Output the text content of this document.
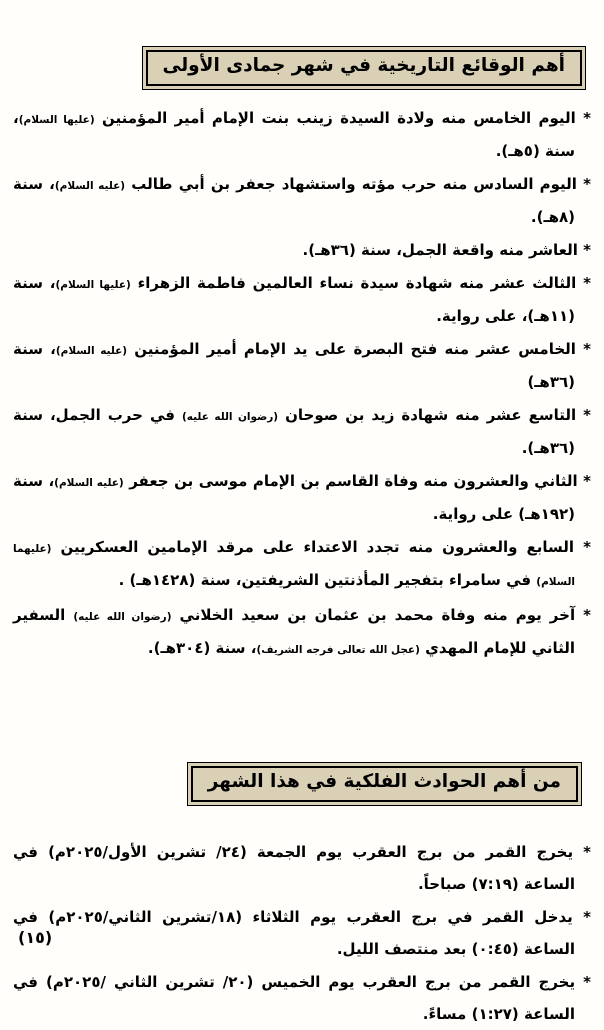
أهم الوقائع التاريخية في شهر جمادى الأولى

* اليوم الخامس منه ولادة السيدة زينب بنت الإمام أمير المؤمنين (عليها السلام)، سنة (٥هـ).

* اليوم السادس منه حرب مؤته واستشهاد جعفر بن أبي طالب (عليه السلام)، سنة (٨هـ).

* العاشر منه واقعة الجمل، سنة (٣٦هـ).

* الثالث عشر منه شهادة سيدة نساء العالمين فاطمة الزهراء (عليها السلام)، سنة (١١هـ)، على رواية.

* الخامس عشر منه فتح البصرة على يد الإمام أمير المؤمنين (عليه السلام)، سنة (٣٦هـ)

* التاسع عشر منه شهادة زيد بن صوحان (رضوان الله عليه) في حرب الجمل، سنة (٣٦هـ).

* الثاني والعشرون منه وفاة القاسم بن الإمام موسى بن جعفر (عليه السلام)، سنة (١٩٢هـ) على رواية.

* السابع والعشرون منه تجدد الاعتداء على مرقد الإمامين العسكريين (عليهما السلام) في سامراء بتفجير المأذنتين الشريفتين، سنة (١٤٢٨هـ) .

* آخر يوم منه وفاة محمد بن عثمان بن سعيد الخلاني (رضوان الله عليه) السفير الثاني للإمام المهدي (عجل الله تعالى فرجه الشريف)، سنة (٣٠٤هـ).

من أهم الحوادث الفلكية في هذا الشهر

* يخرج القمر من برج العقرب يوم الجمعة (٢٤/ تشرين الأول/٢٠٢٥م) في الساعة (٧:١٩) صباحاً.

* يدخل القمر في برج العقرب يوم الثلاثاء (١٨/تشرين الثاني/٢٠٢٥م) في الساعة (٠:٤٥) بعد منتصف الليل.

* يخرج القمر من برج العقرب يوم الخميس (٢٠/ تشرين الثاني /٢٠٢٥م) في الساعة (١:٢٧) مساءً.

(١٥)
